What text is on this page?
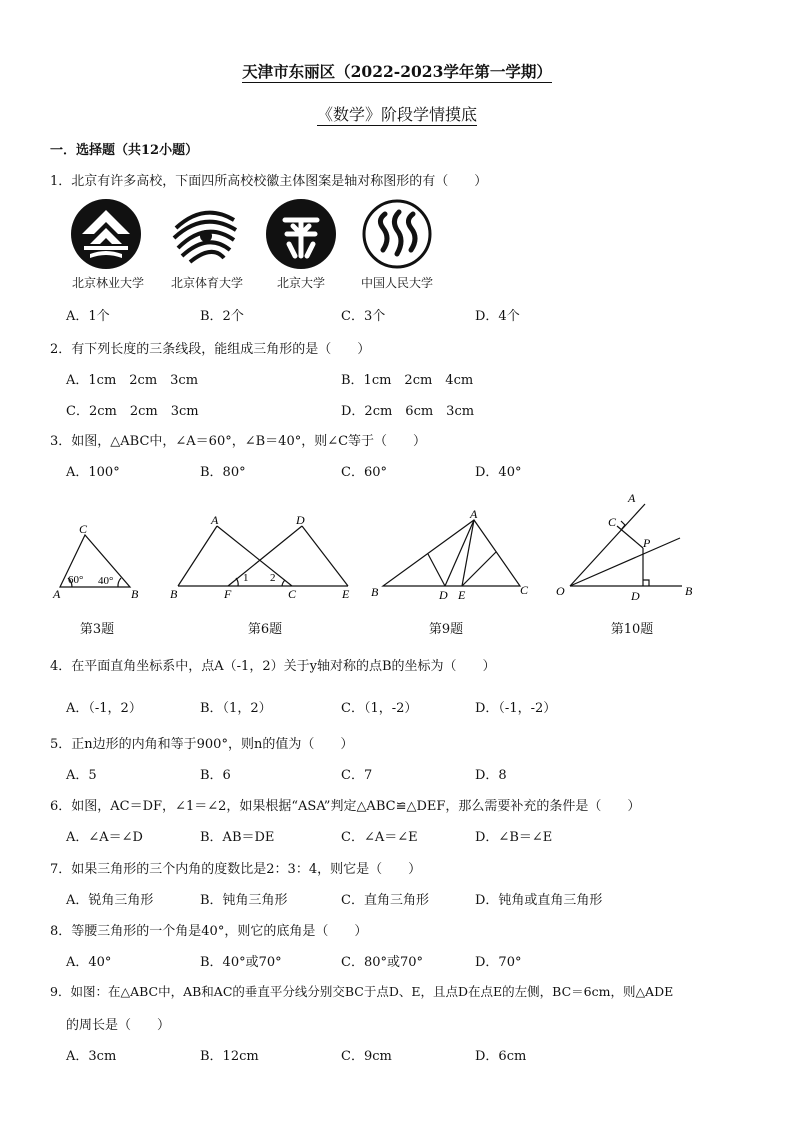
天津市东丽区（2022-2023学年第一学期）
《数学》阶段学情摸底
一．选择题（共12小题）
1．北京有许多高校，下面四所高校校徽主体图案是轴对称图形的有（　　）
北京林业大学	北京体育大学	北京大学	中国人民大学
A．1个	B．2个	C．3个	D．4个
2．有下列长度的三条线段，能组成三角形的是（　　）
A．1cm　2cm　3cm	B．1cm　2cm　4cm
C．2cm　2cm　3cm	D．2cm　6cm　3cm
3．如图，△ABC中，∠A＝60°，∠B＝40°，则∠C等于（　　）
A．100°	B．80°	C．60°	D．40°
A	B
C
60° 40°
A	D
B	F	C	E
1 2
A
B	C
D E
A
C
P
O	D	B
第3题	第6题	第9题	第10题
4．在平面直角坐标系中，点A（-1，2）关于y轴对称的点B的坐标为（　　）
A．（-1，2）	B．（1，2）	C．（1，-2）	D．（-1，-2）
5．正n边形的内角和等于900°，则n的值为（　　）
A．5	B．6	C．7	D．8
6．如图，AC＝DF，∠1＝∠2，如果根据“ASA”判定△ABC≌△DEF，那么需要补充的条件是（　　）
A．∠A＝∠D	B．AB＝DE	C．∠A＝∠E	D．∠B＝∠E
7．如果三角形的三个内角的度数比是2：3：4，则它是（　　）
A．锐角三角形	B．钝角三角形	C．直角三角形	D．钝角或直角三角形
8．等腰三角形的一个角是40°，则它的底角是（　　）
A．40°	B．40°或70°	C．80°或70°	D．70°
9．如图：在△ABC中，AB和AC的垂直平分线分别交BC于点D、E，且点D在点E的左侧，BC＝6cm，则△ADE
的周长是（　　）
A．3cm	B．12cm	C．9cm	D．6cm
